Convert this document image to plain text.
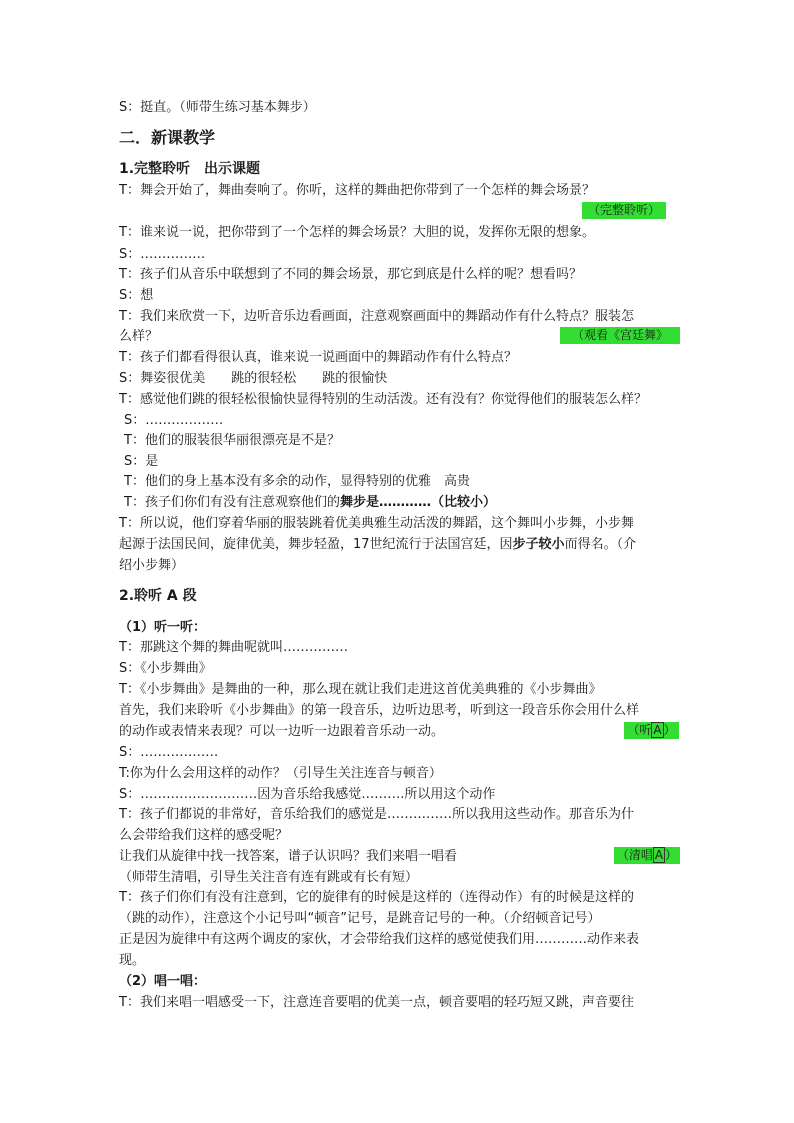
S：挺直。（师带生练习基本舞步）
二．新课教学
1.完整聆听　出示课题
T：舞会开始了，舞曲奏响了。你听，这样的舞曲把你带到了一个怎样的舞会场景？
（完整聆听）
T：谁来说一说，把你带到了一个怎样的舞会场景？大胆的说，发挥你无限的想象。
S：……………
T：孩子们从音乐中联想到了不同的舞会场景，那它到底是什么样的呢？想看吗？
S：想
T：我们来欣赏一下，边听音乐边看画面，注意观察画面中的舞蹈动作有什么特点？服装怎
么样？	（观看《宫廷舞》
T：孩子们都看得很认真，谁来说一说画面中的舞蹈动作有什么特点？
S：舞姿很优美　　跳的很轻松　　跳的很愉快
T：感觉他们跳的很轻松很愉快显得特别的生动活泼。还有没有？你觉得他们的服装怎么样？
S：………………
T：他们的服装很华丽很漂亮是不是？
S：是
T：他们的身上基本没有多余的动作，显得特别的优雅　高贵
T：孩子们你们有没有注意观察他们的舞步是…………（比较小）
T：所以说，他们穿着华丽的服装跳着优美典雅生动活泼的舞蹈，这个舞叫小步舞，小步舞
起源于法国民间，旋律优美，舞步轻盈，17世纪流行于法国宫廷，因步子较小而得名。（介
绍小步舞）
2.聆听 A 段
（1）听一听：
T：那跳这个舞的舞曲呢就叫……………
S：《小步舞曲》
T：《小步舞曲》是舞曲的一种，那么现在就让我们走进这首优美典雅的《小步舞曲》
首先，我们来聆听《小步舞曲》的第一段音乐，边听边思考，听到这一段音乐你会用什么样
的动作或表情来表现？可以一边听一边跟着音乐动一动。	（听 A ）
S：………………
T:你为什么会用这样的动作？（引导生关注连音与顿音）
S：………………………因为音乐给我感觉……….所以用这个动作
T：孩子们都说的非常好，音乐给我们的感觉是……………所以我用这些动作。那音乐为什
么会带给我们这样的感受呢？
让我们从旋律中找一找答案，谱子认识吗？我们来唱一唱看	（清唱 A ）
（师带生清唱，引导生关注音有连有跳或有长有短）
T：孩子们你们有没有注意到，它的旋律有的时候是这样的（连得动作）有的时候是这样的
（跳的动作），注意这个小记号叫“顿音”记号，是跳音记号的一种。（介绍顿音记号）
正是因为旋律中有这两个调皮的家伙，才会带给我们这样的感觉使我们用…………动作来表
现。
（2）唱一唱：
T：我们来唱一唱感受一下，注意连音要唱的优美一点，顿音要唱的轻巧短又跳，声音要往
